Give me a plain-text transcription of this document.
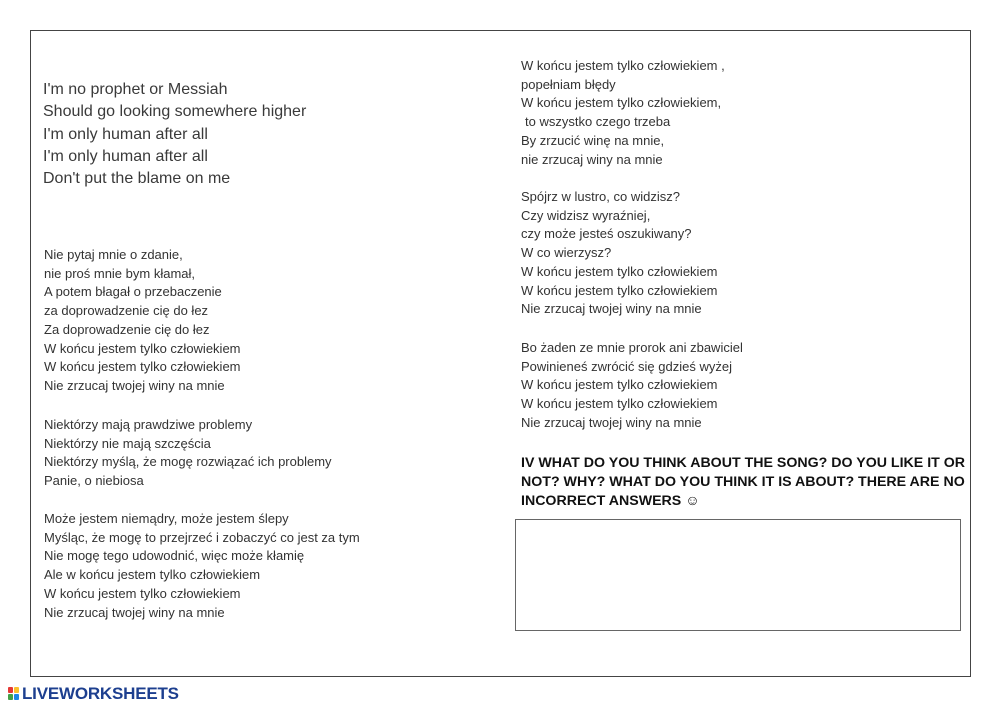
I'm no prophet or Messiah
Should go looking somewhere higher
I'm only human after all
I'm only human after all
Don't put the blame on me
Nie pytaj mnie o zdanie,
nie proś mnie bym kłamał,
A potem błagał o przebaczenie
za doprowadzenie cię do łez
Za doprowadzenie cię do łez
W końcu jestem tylko człowiekiem
W końcu jestem tylko człowiekiem
Nie zrzucaj twojej winy na mnie
Niektórzy mają prawdziwe problemy
Niektórzy nie mają szczęścia
Niektórzy myślą, że mogę rozwiązać ich problemy
Panie, o niebiosa
Może jestem niemądry, może jestem ślepy
Myśląc, że mogę to przejrzeć i zobaczyć co jest za tym
Nie mogę tego udowodnić, więc może kłamię
Ale w końcu jestem tylko człowiekiem
W końcu jestem tylko człowiekiem
Nie zrzucaj twojej winy na mnie
W końcu jestem tylko człowiekiem ,
popełniam błędy
W końcu jestem tylko człowiekiem,
to wszystko czego trzeba
By zrzucić winę na mnie,
nie zrzucaj winy na mnie
Spójrz w lustro, co widzisz?
Czy widzisz wyraźniej,
czy może jesteś oszukiwany?
W co wierzysz?
W końcu jestem tylko człowiekiem
W końcu jestem tylko człowiekiem
Nie zrzucaj twojej winy na mnie
Bo żaden ze mnie prorok ani zbawiciel
Powinieneś zwrócić się gdzieś wyżej
W końcu jestem tylko człowiekiem
W końcu jestem tylko człowiekiem
Nie zrzucaj twojej winy na mnie
IV WHAT DO YOU THINK ABOUT THE SONG? DO YOU LIKE IT OR NOT? WHY? WHAT DO YOU THINK IT IS ABOUT? THERE ARE NO INCORRECT ANSWERS ☺
LIVEWORKSHEETS
